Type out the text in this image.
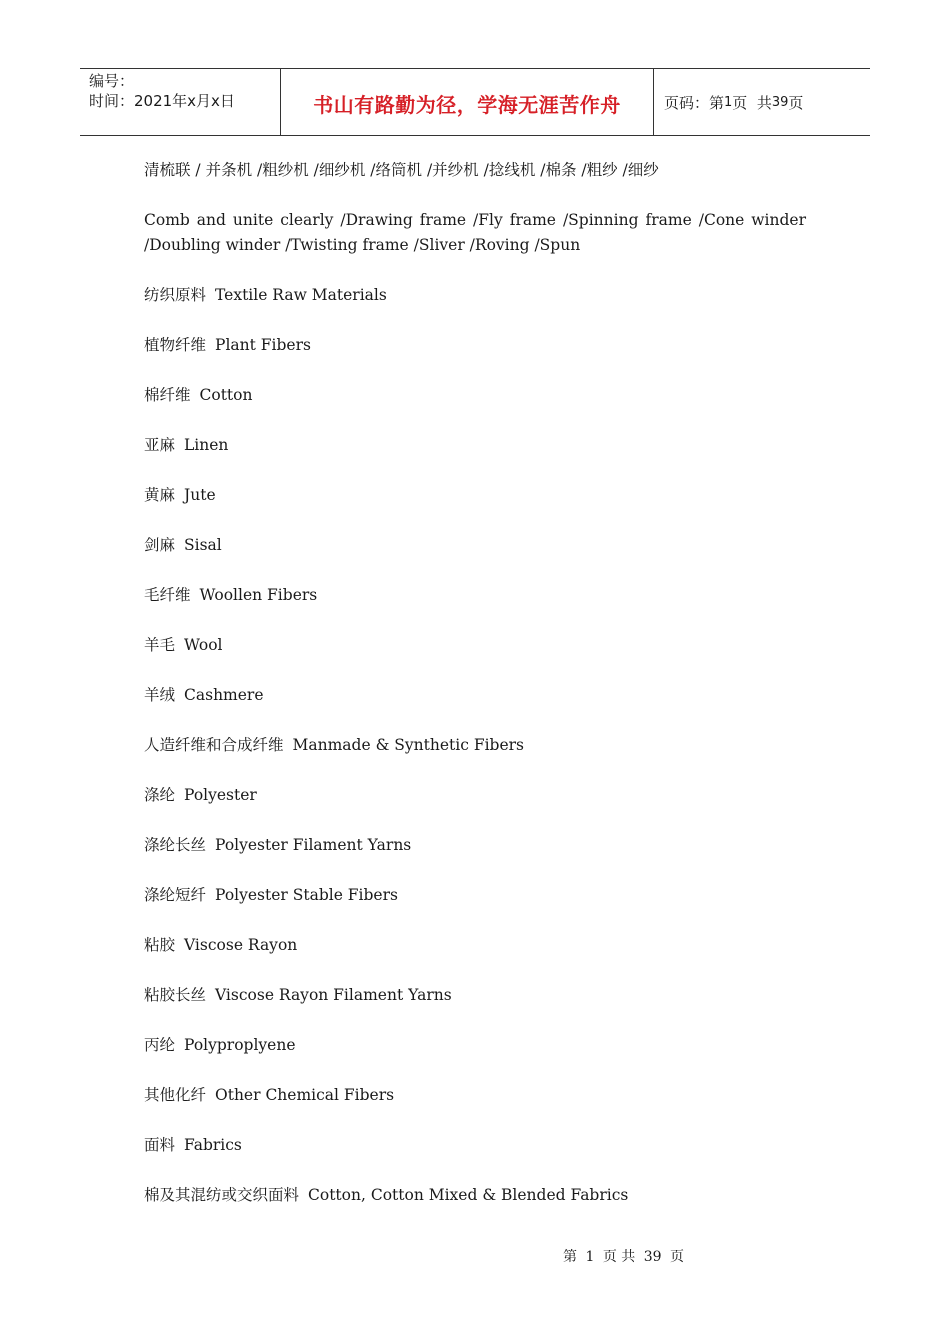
编号：
时间：2021年x月x日	书山有路勤为径，学海无涯苦作舟	页码：第 1 页  共 39 页

清梳联 / 并条机 /粗纱机 /细纱机 /络筒机 /并纱机 /捻线机 /棉条 /粗纱 /细纱

Comb and unite clearly /Drawing frame /Fly frame /Spinning frame /Cone winder /Doubling winder /Twisting frame /Sliver /Roving /Spun

纺织原料 Textile Raw Materials

植物纤维 Plant Fibers

棉纤维 Cotton

亚麻 Linen

黄麻 Jute

剑麻 Sisal

毛纤维 Woollen Fibers

羊毛 Wool

羊绒 Cashmere

人造纤维和合成纤维 Manmade & Synthetic Fibers

涤纶 Polyester

涤纶长丝 Polyester Filament Yarns

涤纶短纤 Polyester Stable Fibers

粘胶 Viscose Rayon

粘胶长丝 Viscose Rayon Filament Yarns

丙纶 Polyproplyene

其他化纤 Other Chemical Fibers

面料 Fabrics

棉及其混纺或交织面料 Cotton, Cotton Mixed & Blended Fabrics

第 1 页 共 39 页
